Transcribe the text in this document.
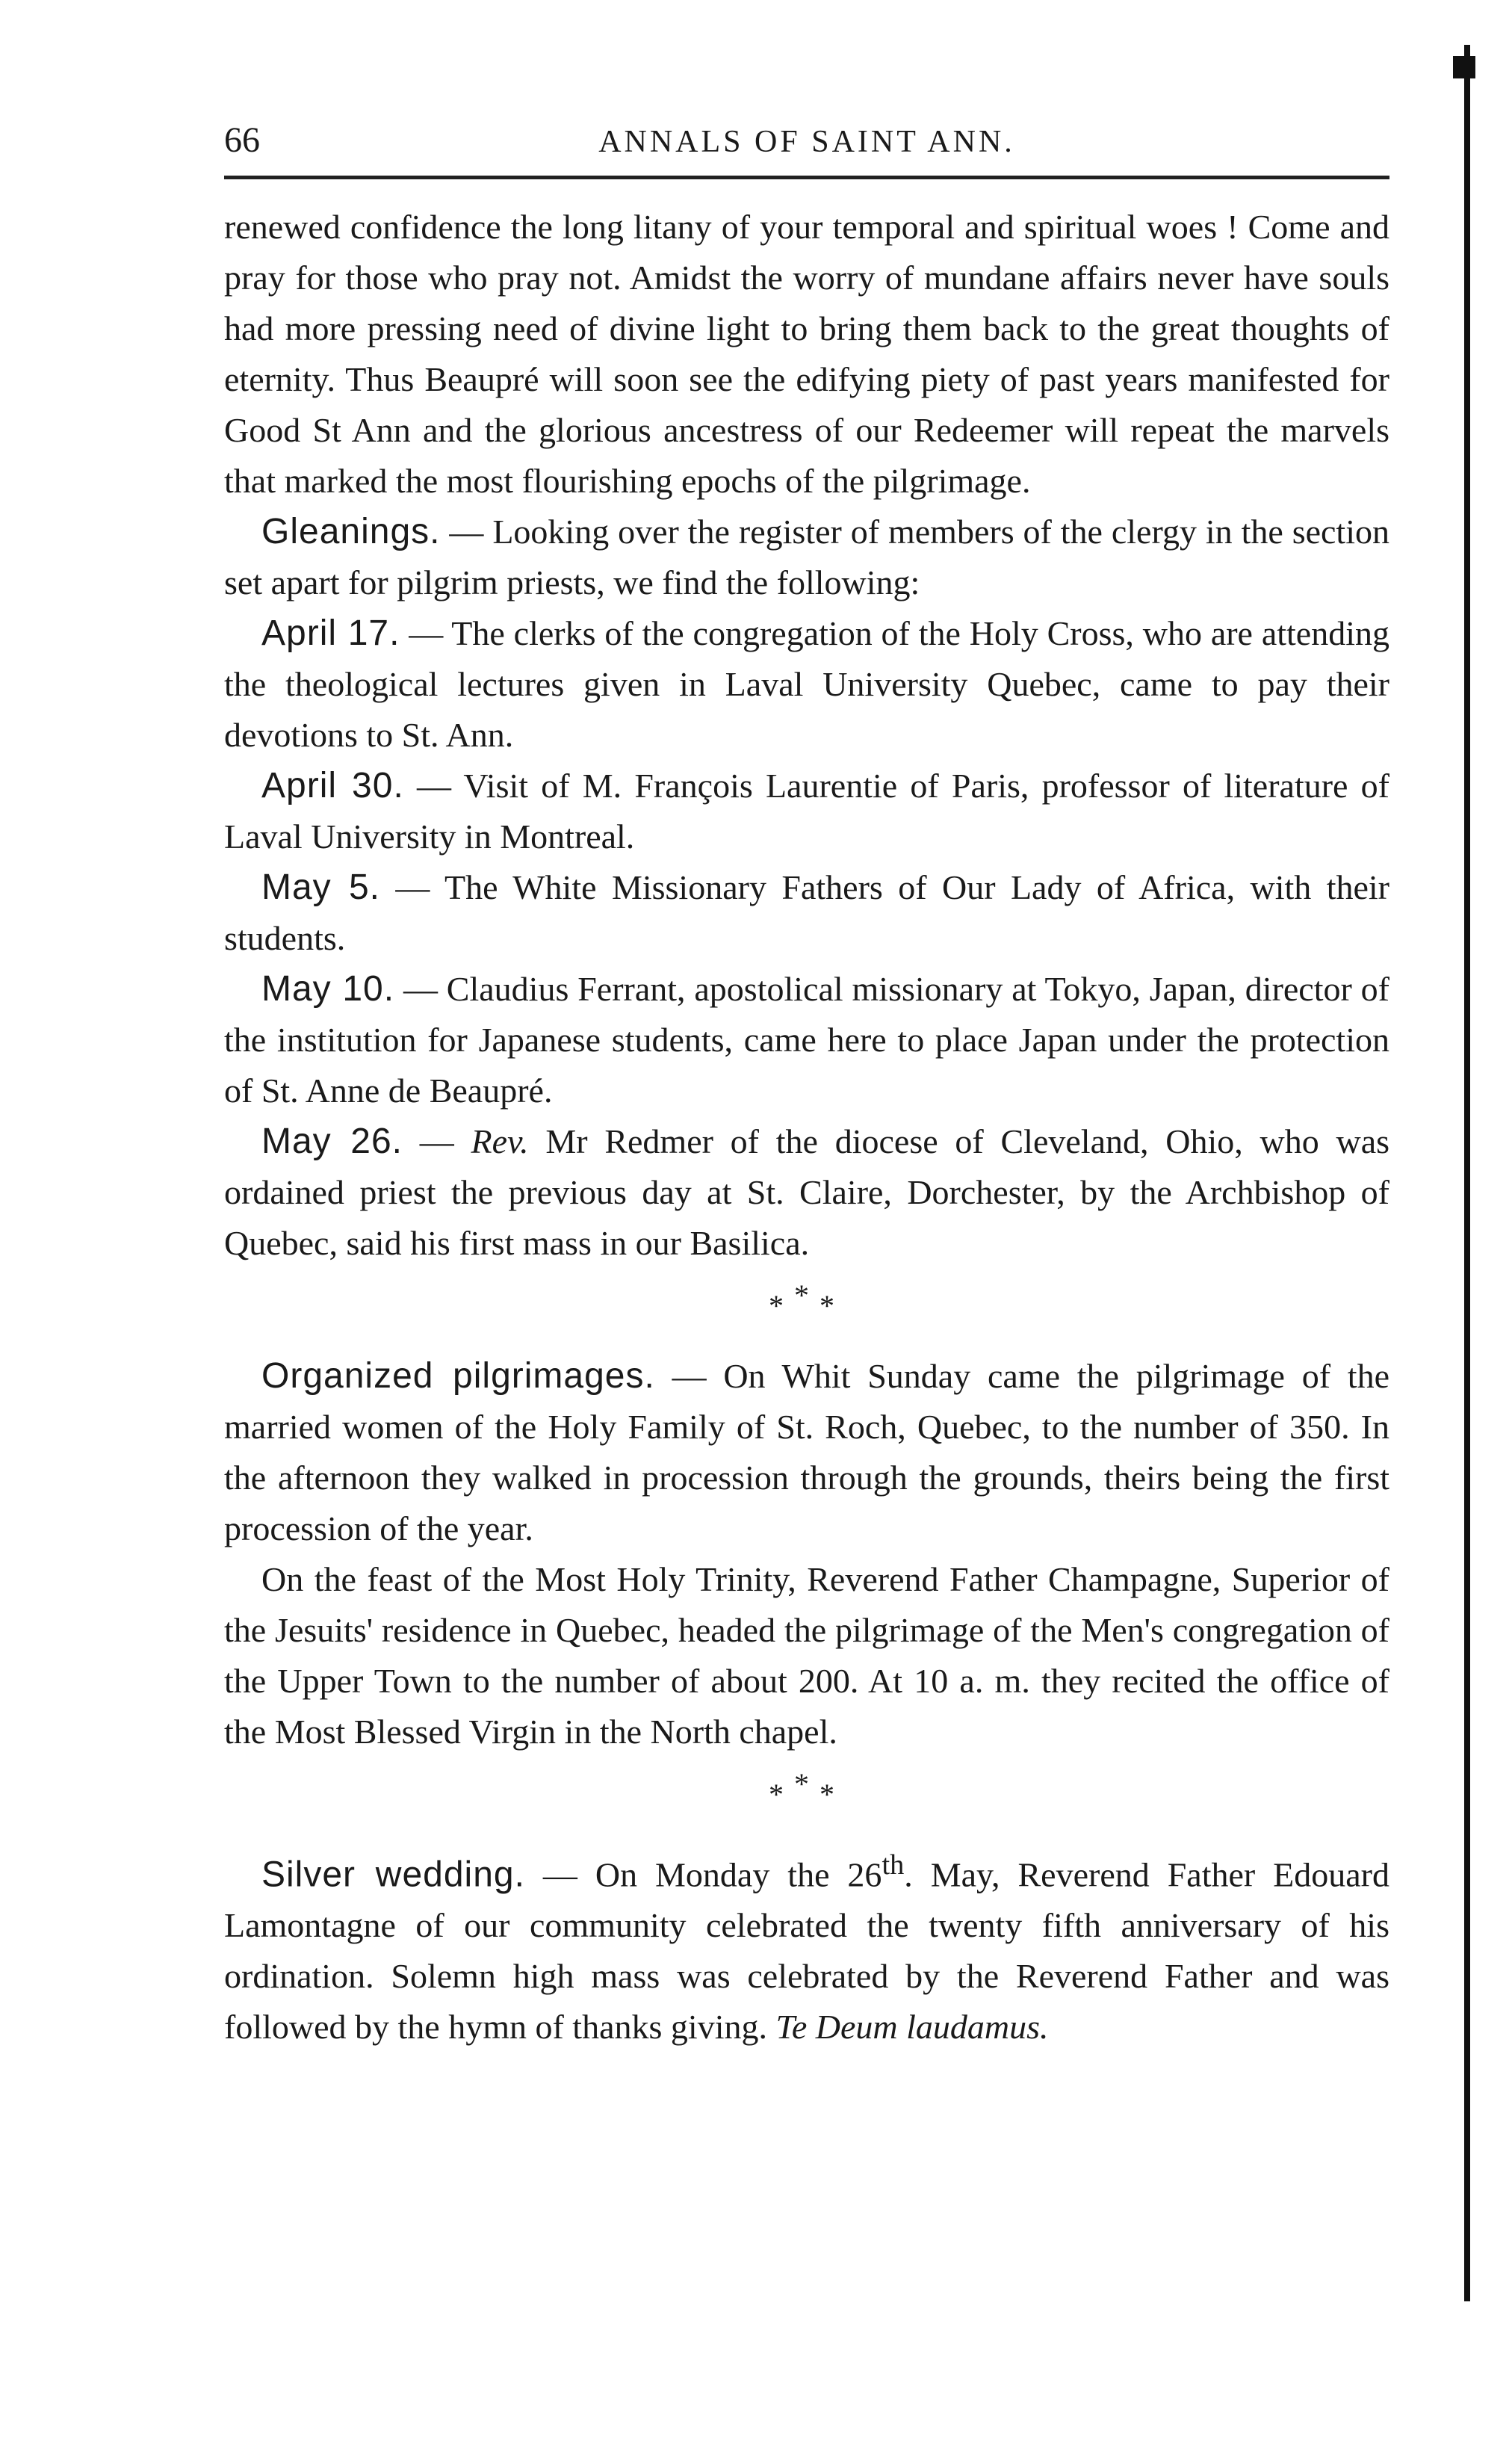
66	ANNALS OF SAINT ANN.

renewed confidence the long litany of your temporal and spiritual woes ! Come and pray for those who pray not. Amidst the worry of mundane affairs never have souls had more pressing need of divine light to bring them back to the great thoughts of eternity. Thus Beaupré will soon see the edifying piety of past years manifested for Good St Ann and the glorious ancestress of our Redeemer will repeat the marvels that marked the most flourishing epochs of the pilgrimage.

Gleanings. — Looking over the register of members of the clergy in the section set apart for pilgrim priests, we find the following:

April 17. — The clerks of the congregation of the Holy Cross, who are attending the theological lectures given in Laval University Quebec, came to pay their devotions to St. Ann.

April 30. — Visit of M. François Laurentie of Paris, professor of literature of Laval University in Montreal.

May 5. — The White Missionary Fathers of Our Lady of Africa, with their students.

May 10. — Claudius Ferrant, apostolical missionary at Tokyo, Japan, director of the institution for Japanese students, came here to place Japan under the protection of St. Anne de Beaupré.

May 26. — Rev. Mr Redmer of the diocese of Cleveland, Ohio, who was ordained priest the previous day at St. Claire, Dorchester, by the Archbishop of Quebec, said his first mass in our Basilica.

***

Organized pilgrimages. — On Whit Sunday came the pilgrimage of the married women of the Holy Family of St. Roch, Quebec, to the number of 350. In the afternoon they walked in procession through the grounds, theirs being the first procession of the year.

On the feast of the Most Holy Trinity, Reverend Father Champagne, Superior of the Jesuits' residence in Quebec, headed the pilgrimage of the Men's congregation of the Upper Town to the number of about 200. At 10 a. m. they recited the office of the Most Blessed Virgin in the North chapel.

***

Silver wedding. — On Monday the 26th. May, Reverend Father Edouard Lamontagne of our community celebrated the twenty fifth anniversary of his ordination. Solemn high mass was celebrated by the Reverend Father and was followed by the hymn of thanks giving. Te Deum laudamus.
